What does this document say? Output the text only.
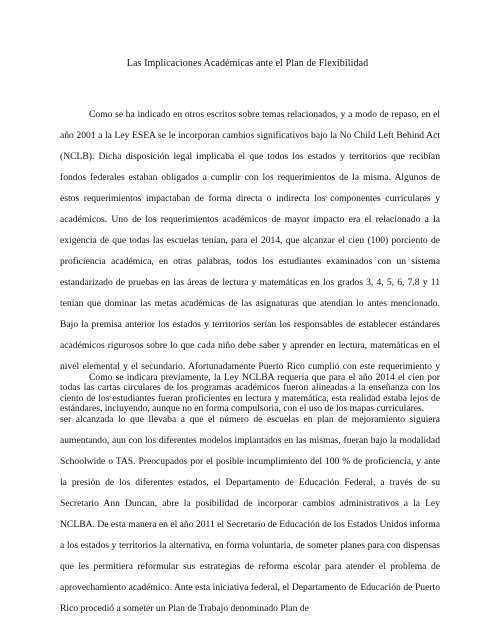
Las Implicaciones Académicas ante el Plan de Flexibilidad

Como se ha indicado en otros escritos sobre temas relacionados, y a modo de repaso, en el año 2001 a la Ley ESEA se le incorporan cambios significativos bajo la No Child Left Behind Act (NCLB). Dicha disposición legal implicaba el que todos los estados y territorios que recibían fondos federales estaban obligados a cumplir con los requerimientos de la misma. Algunos de estos requerimientos impactaban de forma directa o indirecta los componentes curriculares y académicos. Uno de los requerimientos académicos de mayor impacto era el relacionado a la exigencia de que todas las escuelas tenían, para el 2014, que alcanzar el cien (100) porciento de proficiencia académica, en otras palabras, todos los estudiantes examinados con un sistema estandarizado de pruebas en las áreas de lectura y matemáticas en los grados 3, 4, 5, 6, 7,8 y 11 tenían que dominar las metas académicas de las asignaturas que atendían lo antes mencionado. Bajo la premisa anterior los estados y territorios serían los responsables de establecer estándares académicos rigurosos sobre lo que cada niño debe saber y aprender en lectura, matemáticas en el nivel elemental y el secundario. Afortunadamente Puerto Rico cumplió con este requerimiento y todas las cartas circulares de los programas académicos fueron alineadas a la enseñanza con los estándares, incluyendo, aunque no en forma compulsoria, con el uso de los mapas curriculares.

Como se indicara previamente, la Ley NCLBA requería que para el año 2014 el cien por ciento de los estudiantes fueran proficientes en lectura y matemática, esta realidad estaba lejos de ser alcanzada lo que llevaba a que el número de escuelas en plan de mejoramiento siguiera aumentando, aun con los diferentes modelos implantados en las mismas, fueran bajo la modalidad Schoolwide o TAS. Preocupados por el posible incumplimiento del 100 % de proficiencia, y ante la presión de los diferentes estados, el Departamento de Educación Federal, a través de su Secretario Ann Duncan, abre la posibilidad de incorporar cambios administrativos a la Ley NCLBA. De esta manera en el año 2011 el Secretario de Educación de los Estados Unidos informa a los estados y territorios la alternativa, en forma voluntaria, de someter planes para con dispensas que les permitiera reformular sus estrategias de reforma escolar para atender el problema de aprovechamiento académico. Ante esta iniciativa federal, el Departamento de Educación de Puerto Rico procedió a someter un Plan de Trabajo denominado Plan de
